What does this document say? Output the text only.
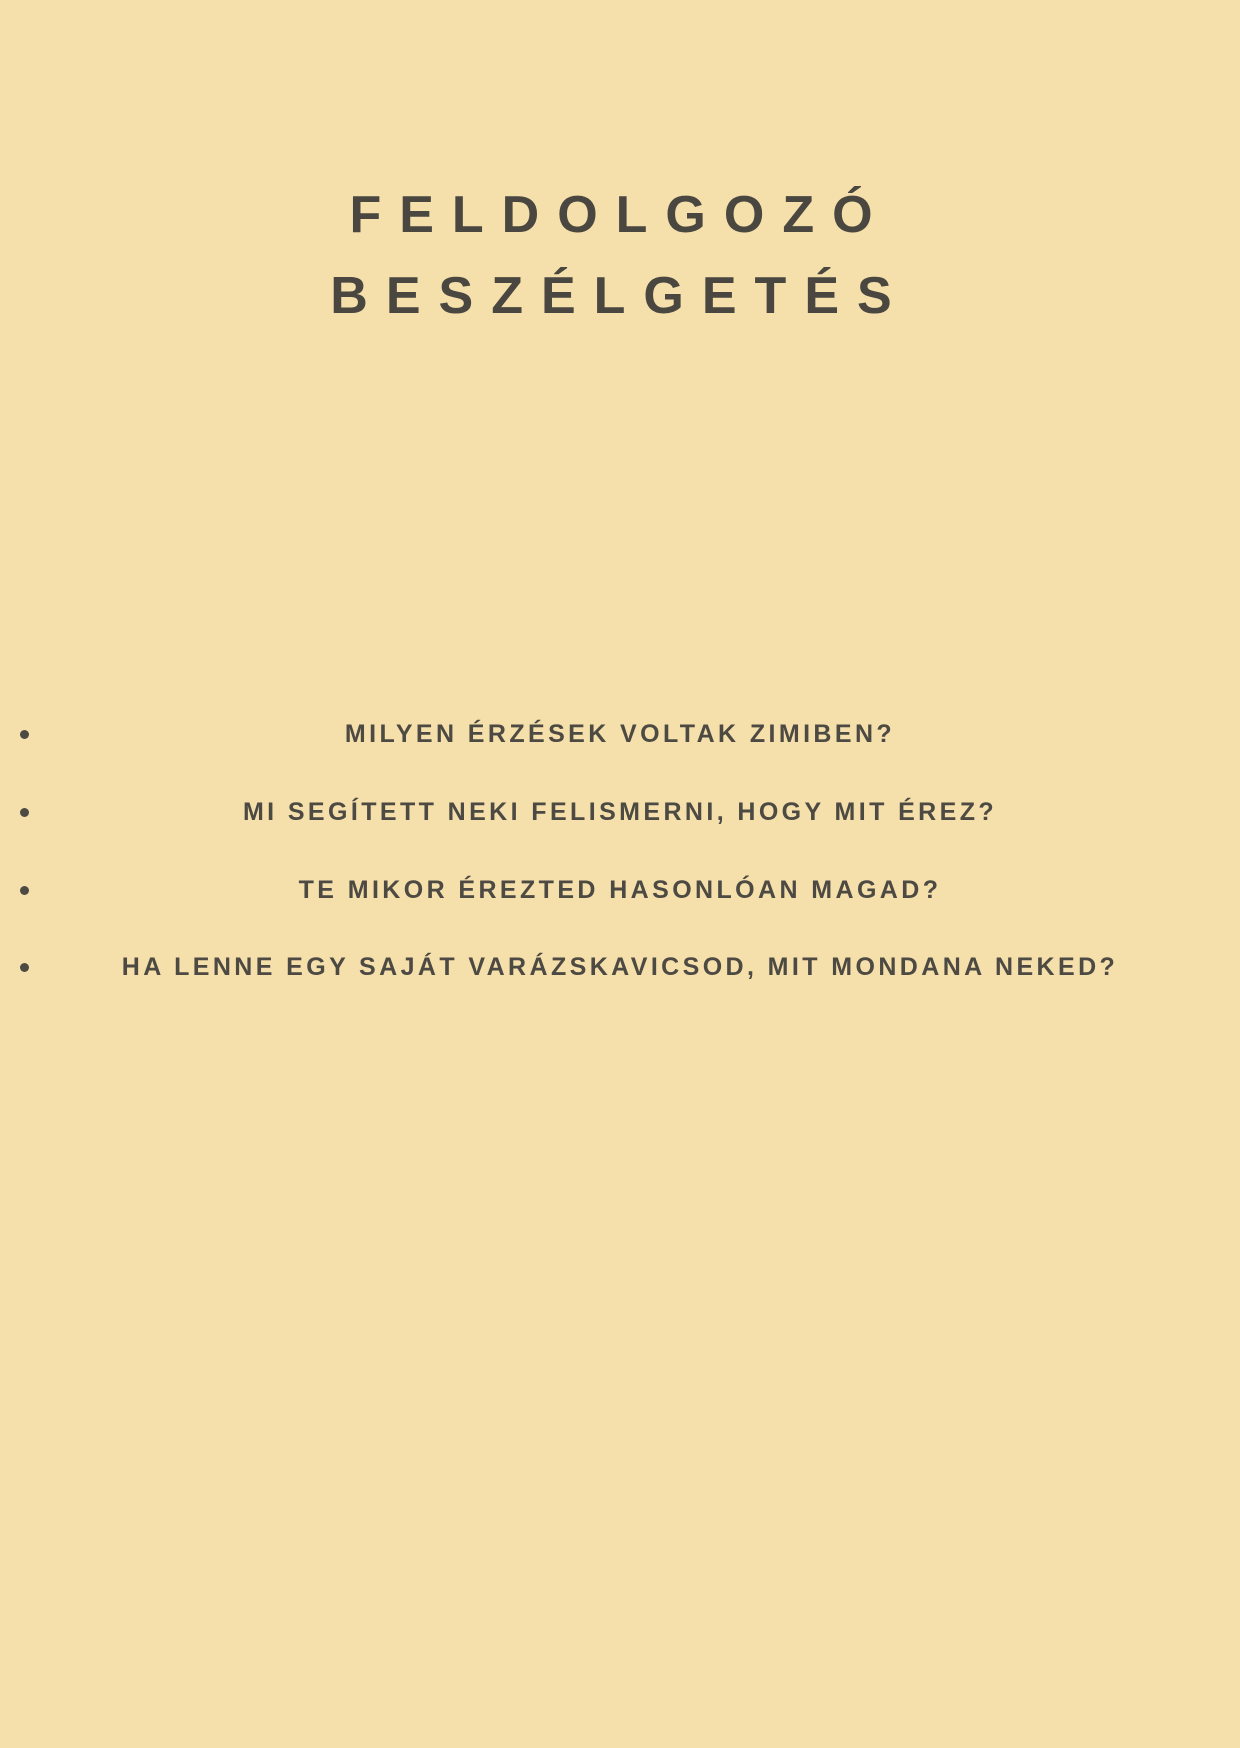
FELDOLGOZÓ
BESZÉLGETÉS
MILYEN ÉRZÉSEK VOLTAK ZIMIBEN?
MI SEGÍTETT NEKI FELISMERNI, HOGY MIT ÉREZ?
TE MIKOR ÉREZTED HASONLÓAN MAGAD?
HA LENNE EGY SAJÁT VARÁZSKAVICSOD, MIT MONDANA NEKED?
